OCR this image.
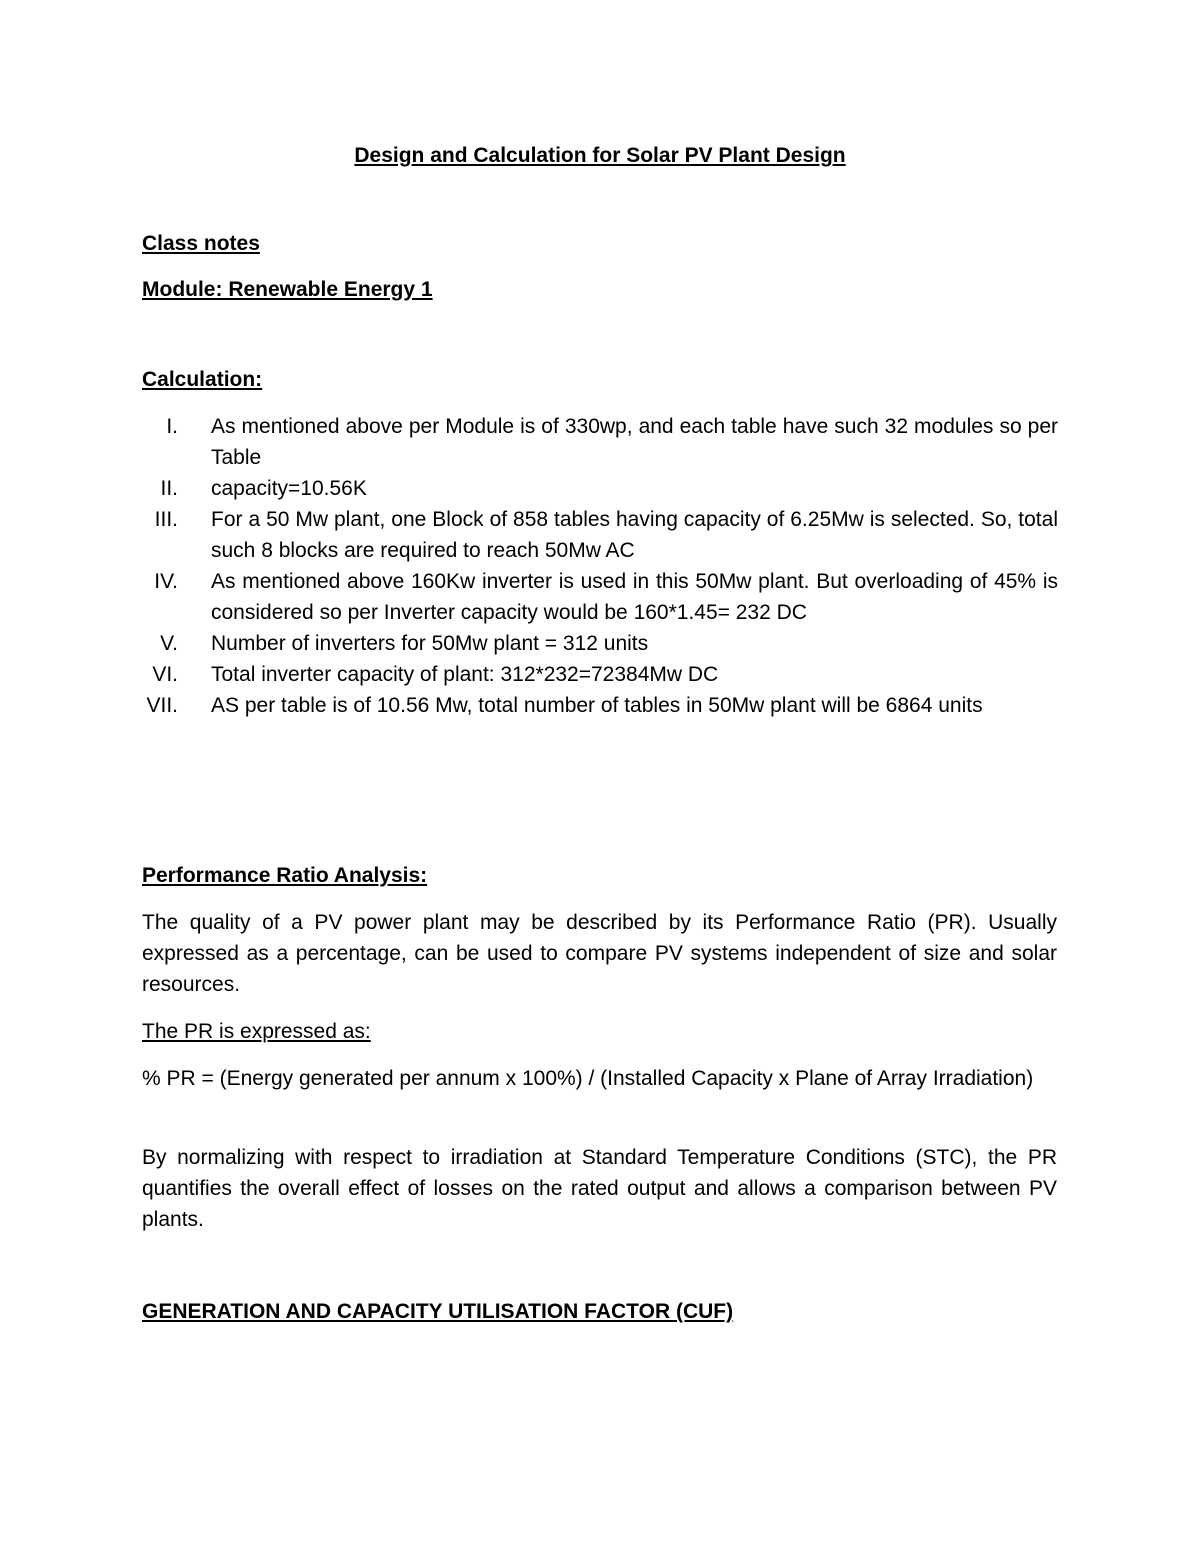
Design and Calculation for Solar PV Plant Design
Class notes
Module: Renewable Energy 1
Calculation:
I. As mentioned above per Module is of 330wp, and each table have such 32 modules so per Table
II. capacity=10.56K
III. For a 50 Mw plant, one Block of 858 tables having capacity of 6.25Mw is selected. So, total such 8 blocks are required to reach 50Mw AC
IV. As mentioned above 160Kw inverter is used in this 50Mw plant. But overloading of 45% is considered so per Inverter capacity would be 160*1.45= 232 DC
V. Number of inverters for 50Mw plant = 312 units
VI. Total inverter capacity of plant: 312*232=72384Mw DC
VII. AS per table is of 10.56 Mw, total number of tables in 50Mw plant will be 6864 units
Performance Ratio Analysis:
The quality of a PV power plant may be described by its Performance Ratio (PR). Usually expressed as a percentage, can be used to compare PV systems independent of size and solar resources.
The PR is expressed as:
% PR = (Energy generated per annum x 100%) / (Installed Capacity x Plane of Array Irradiation)
By normalizing with respect to irradiation at Standard Temperature Conditions (STC), the PR quantifies the overall effect of losses on the rated output and allows a comparison between PV plants.
GENERATION AND CAPACITY UTILISATION FACTOR (CUF)
